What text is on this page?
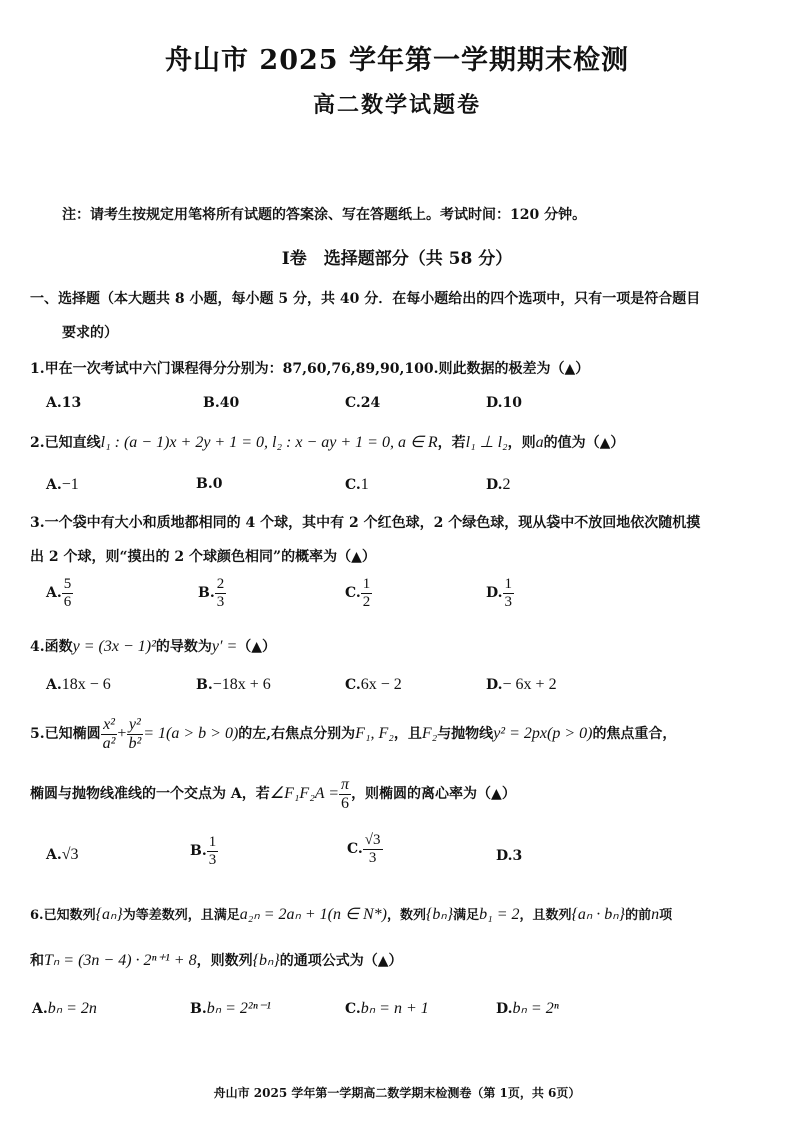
舟山市 2025 学年第一学期期末检测
高二数学试题卷
注：请考生按规定用笔将所有试题的答案涂、写在答题纸上。考试时间：120 分钟。
Ⅰ卷　选择题部分（共 58 分）
一、选择题（本大题共 8 小题，每小题 5 分，共 40 分．在每小题给出的四个选项中，只有一项是符合题目
要求的）
1.甲在一次考试中六门课程得分分别为：87,60,76,89,90,100.则此数据的极差为（▲）
A.13	B.40	C.24	D.10
2.已知直线l₁ : (a − 1)x + 2y + 1 = 0, l₂ : x − ay + 1 = 0, a ∈ R，若l₁ ⊥ l₂，则a的值为（▲）
A.−1	B.0	C.1	D.2
3.一个袋中有大小和质地都相同的 4 个球，其中有 2 个红色球，2 个绿色球，现从袋中不放回地依次随机摸
出 2 个球，则“摸出的 2 个球颜色相同”的概率为（▲）
A. $\frac{5}{6}$	B. $\frac{2}{3}$	C. $\frac{1}{2}$	D. $\frac{1}{3}$
4.函数y = (3x − 1)²的导数为y′ =（▲）
A.18x − 6	B.−18x + 6	C.6x − 2	D.− 6x + 2
5.已知椭圆 $\frac{\text{x²}}{\text{a²}} + \frac{\text{y²}}{\text{b²}} = 1(a > b > 0)$的左,右焦点分别为F₁, F₂，且F₂与抛物线y² = 2px(p > 0)的焦点重合，
椭圆与抛物线准线的一个交点为 A，若∠F₁F₂A = $\frac{\pi}{6}$ ，则椭圆的离心率为（▲）
A.√3	B. $\frac{1}{3}$	C. $\frac{√3}{3}$	D.3
6.已知数列{aₙ}为等差数列，且满足a₂ₙ = 2aₙ + 1(n ∈ N*)，数列{bₙ}满足b₁ = 2，且数列{aₙ · bₙ}的前n项
和Tₙ = (3n − 4) · 2ⁿ⁺¹ + 8，则数列{bₙ}的通项公式为（▲）
A.bₙ = 2n	B.bₙ = 2²ⁿ⁻¹	C.bₙ = n + 1	D.bₙ = 2ⁿ
舟山市 2025 学年第一学期高二数学期末检测卷（第 1页，共 6页）
